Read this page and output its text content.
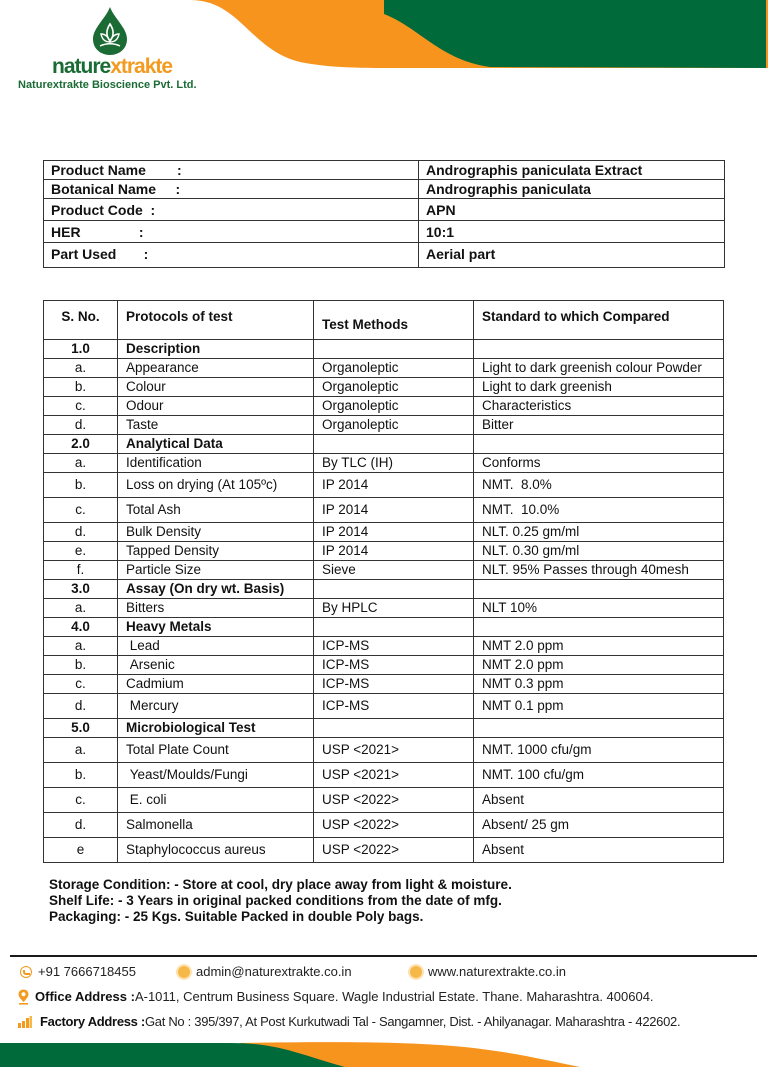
naturextrakte
Naturextrakte Bioscience Pvt. Ltd.
Product Name        :	Andrographis paniculata Extract
Botanical Name     :	Andrographis paniculata
Product Code  :	APN
HER               :	10:1
Part Used       :	Aerial part
S. No.	Protocols of test	Test Methods	Standard to which Compared
1.0	Description		
a.	Appearance	Organoleptic	Light to dark greenish colour Powder
b.	Colour	Organoleptic	Light to dark greenish
c.	Odour	Organoleptic	Characteristics
d.	Taste	Organoleptic	Bitter
2.0	Analytical Data		
a.	Identification	By TLC (IH)	Conforms
b.	Loss on drying (At 105ºc)	IP 2014	NMT.  8.0%
c.	Total Ash	IP 2014	NMT.  10.0%
d.	Bulk Density	IP 2014	NLT. 0.25 gm/ml
e.	Tapped Density	IP 2014	NLT. 0.30 gm/ml
f.	Particle Size	Sieve	NLT. 95% Passes through 40mesh
3.0	Assay (On dry wt. Basis)		
a.	Bitters	By HPLC	NLT 10%
4.0	Heavy Metals		
a.	Lead	ICP-MS	NMT 2.0 ppm
b.	Arsenic	ICP-MS	NMT 2.0 ppm
c.	Cadmium	ICP-MS	NMT 0.3 ppm
d.	Mercury	ICP-MS	NMT 0.1 ppm
5.0	Microbiological Test		
a.	Total Plate Count	USP <2021>	NMT. 1000 cfu/gm
b.	Yeast/Moulds/Fungi	USP <2021>	NMT. 100 cfu/gm
c.	E. coli	USP <2022>	Absent
d.	Salmonella	USP <2022>	Absent/ 25 gm
e	Staphylococcus aureus	USP <2022>	Absent
Storage Condition: - Store at cool, dry place away from light & moisture.
Shelf Life: - 3 Years in original packed conditions from the date of mfg.
Packaging: - 25 Kgs. Suitable Packed in double Poly bags.
+91 7666718455	admin@naturextrakte.co.in	www.naturextrakte.co.in
Office Address : A-1011, Centrum Business Square. Wagle Industrial Estate. Thane. Maharashtra. 400604.
Factory Address : Gat No : 395/397, At Post Kurkutwadi Tal - Sangamner, Dist. - Ahilyanagar. Maharashtra - 422602.
